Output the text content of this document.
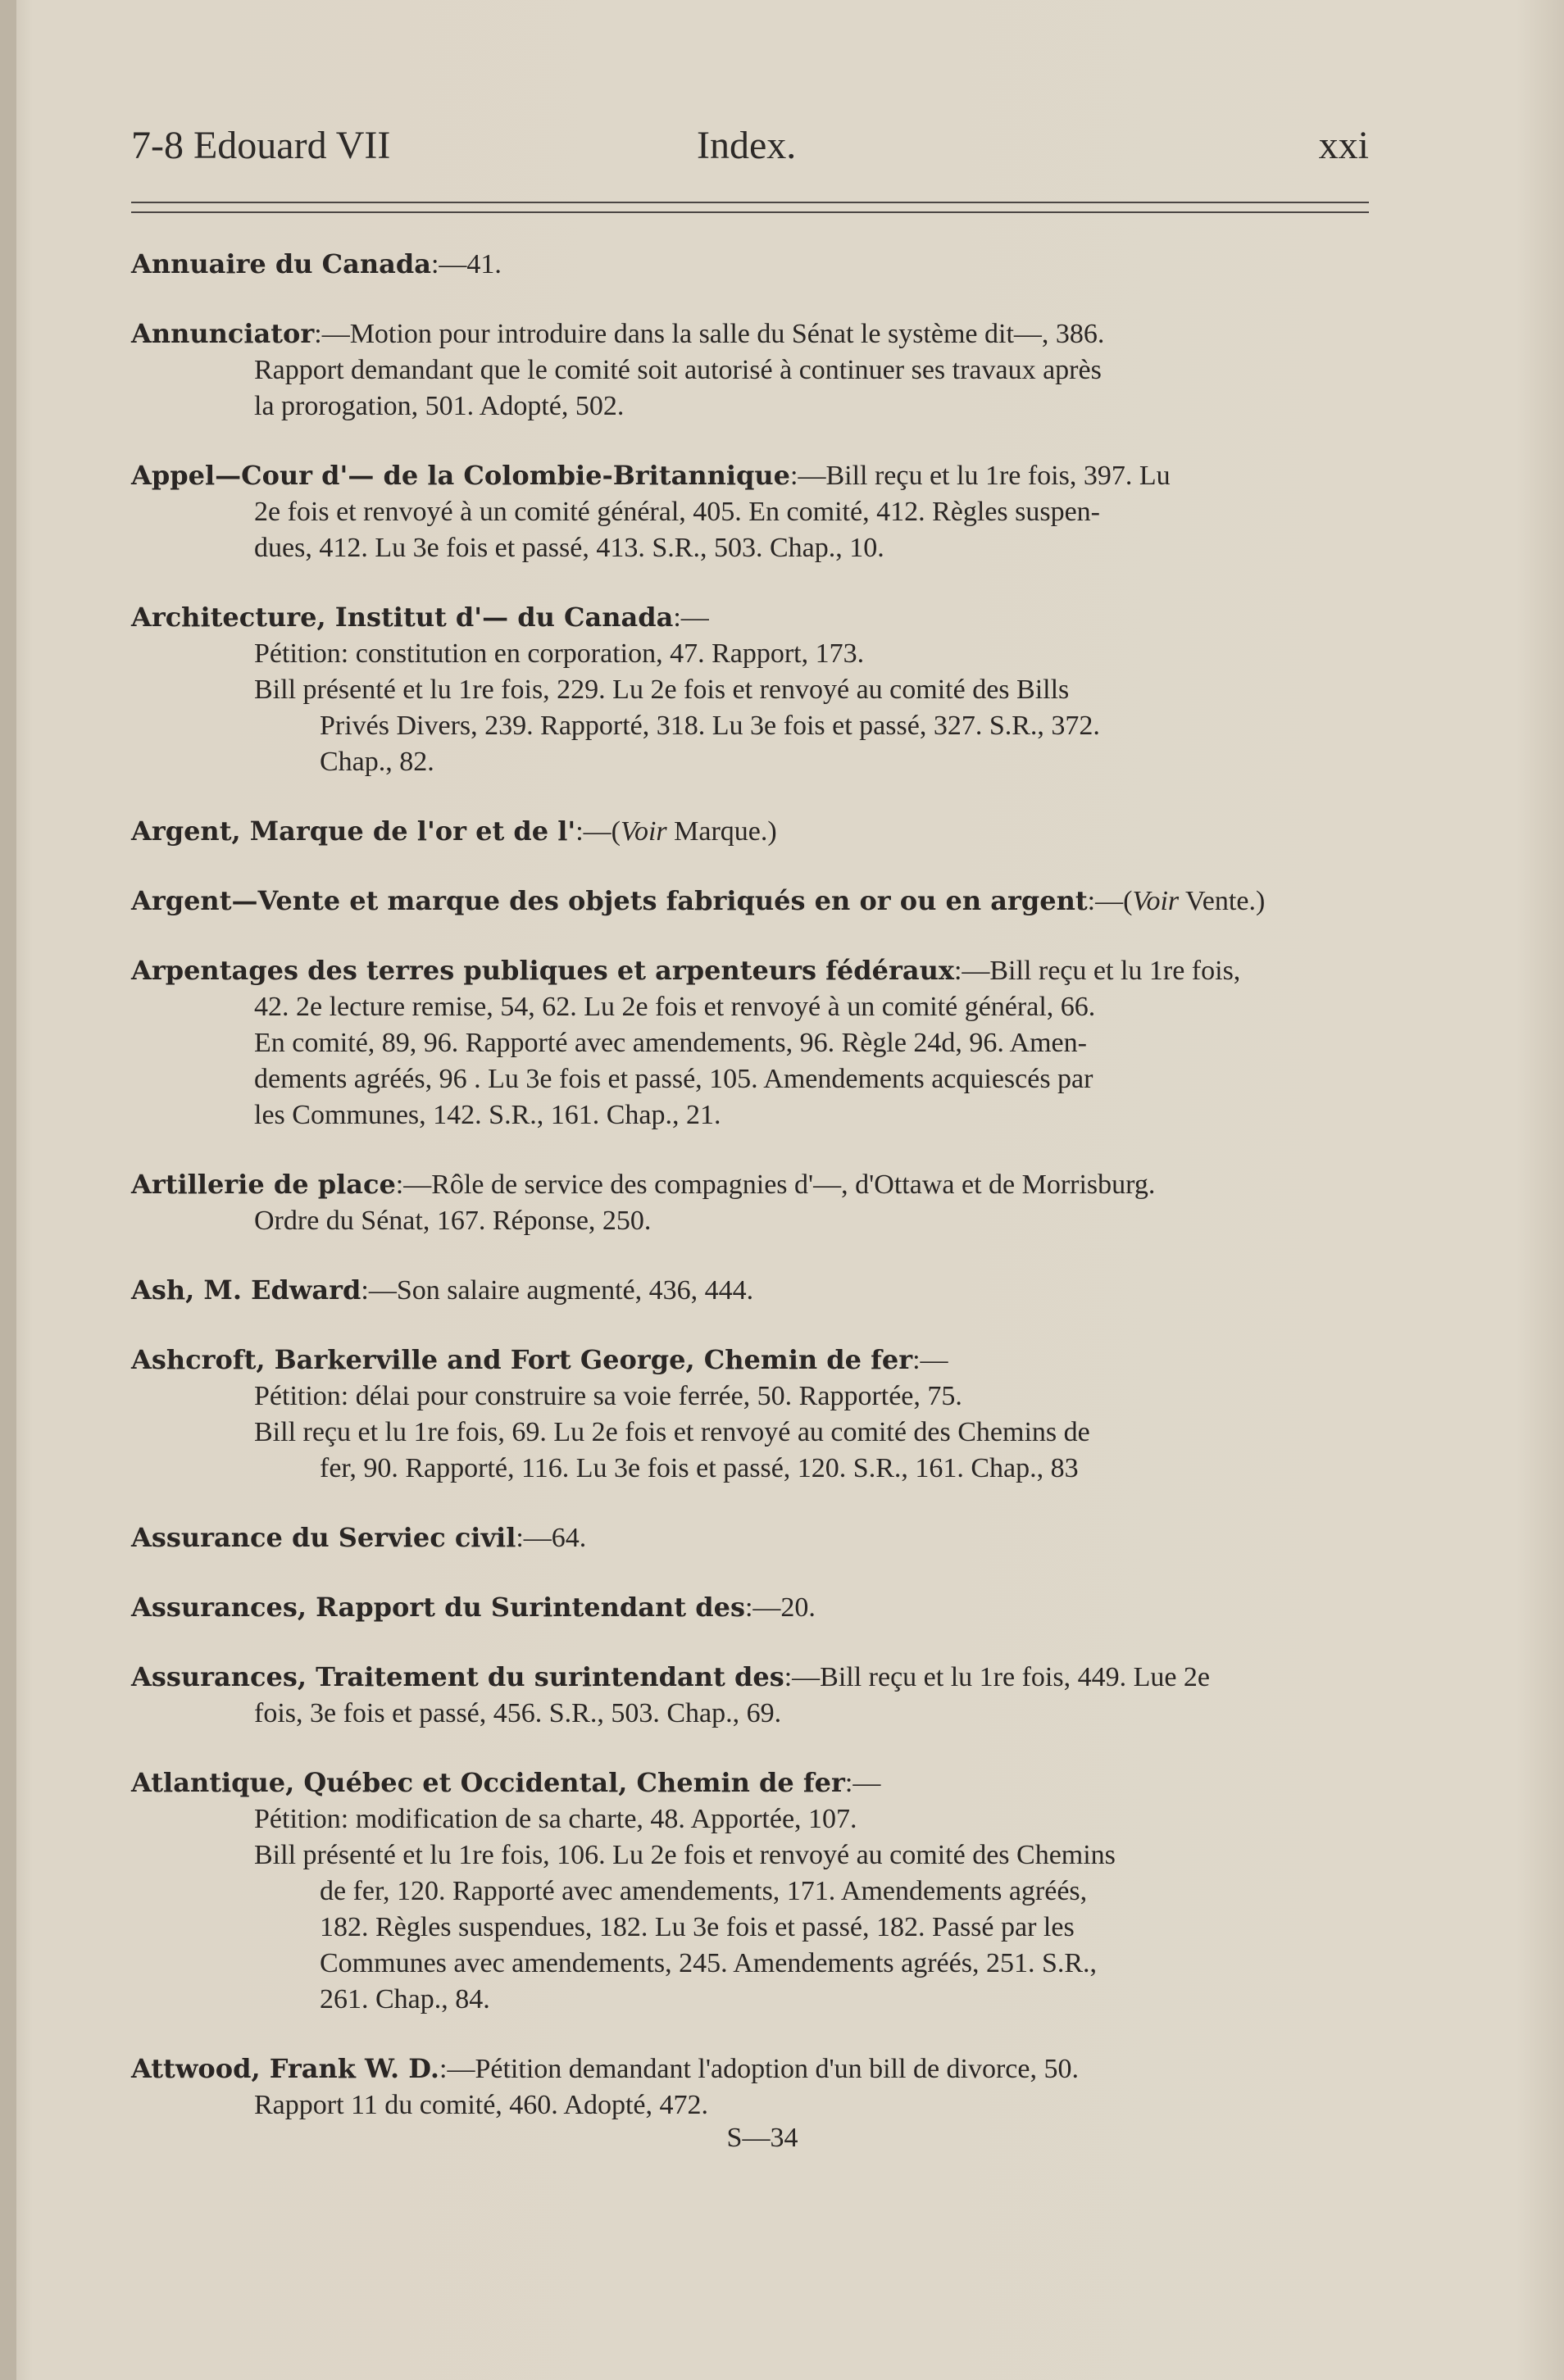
7-8 Edouard VII	Index.	xxi
Annuaire du Canada:—41.
Annunciator:—Motion pour introduire dans la salle du Sénat le système dit—, 386.
Rapport demandant que le comité soit autorisé à continuer ses travaux après
la prorogation, 501. Adopté, 502.
Appel—Cour d'— de la Colombie-Britannique:—Bill reçu et lu 1re fois, 397. Lu
2e fois et renvoyé à un comité général, 405. En comité, 412. Règles suspen-
dues, 412. Lu 3e fois et passé, 413. S.R., 503. Chap., 10.
Architecture, Institut d'— du Canada:—
Pétition: constitution en corporation, 47. Rapport, 173.
Bill présenté et lu 1re fois, 229. Lu 2e fois et renvoyé au comité des Bills
Privés Divers, 239. Rapporté, 318. Lu 3e fois et passé, 327. S.R., 372.
Chap., 82.
Argent, Marque de l'or et de l':—(Voir Marque.)
Argent—Vente et marque des objets fabriqués en or ou en argent:—(Voir Vente.)
Arpentages des terres publiques et arpenteurs fédéraux:—Bill reçu et lu 1re fois,
42. 2e lecture remise, 54, 62. Lu 2e fois et renvoyé à un comité général, 66.
En comité, 89, 96. Rapporté avec amendements, 96. Règle 24d, 96. Amen-
dements agréés, 96 . Lu 3e fois et passé, 105. Amendements acquiescés par
les Communes, 142. S.R., 161. Chap., 21.
Artillerie de place:—Rôle de service des compagnies d'—, d'Ottawa et de Morrisburg.
Ordre du Sénat, 167. Réponse, 250.
Ash, M. Edward:—Son salaire augmenté, 436, 444.
Ashcroft, Barkerville and Fort George, Chemin de fer:—
Pétition: délai pour construire sa voie ferrée, 50. Rapportée, 75.
Bill reçu et lu 1re fois, 69. Lu 2e fois et renvoyé au comité des Chemins de
fer, 90. Rapporté, 116. Lu 3e fois et passé, 120. S.R., 161. Chap., 83
Assurance du Serviec civil:—64.
Assurances, Rapport du Surintendant des:—20.
Assurances, Traitement du surintendant des:—Bill reçu et lu 1re fois, 449. Lue 2e
fois, 3e fois et passé, 456. S.R., 503. Chap., 69.
Atlantique, Québec et Occidental, Chemin de fer:—
Pétition: modification de sa charte, 48. Apportée, 107.
Bill présenté et lu 1re fois, 106. Lu 2e fois et renvoyé au comité des Chemins
de fer, 120. Rapporté avec amendements, 171. Amendements agréés,
182. Règles suspendues, 182. Lu 3e fois et passé, 182. Passé par les
Communes avec amendements, 245. Amendements agréés, 251. S.R.,
261. Chap., 84.
Attwood, Frank W. D.:—Pétition demandant l'adoption d'un bill de divorce, 50.
Rapport 11 du comité, 460. Adopté, 472.
S—34
